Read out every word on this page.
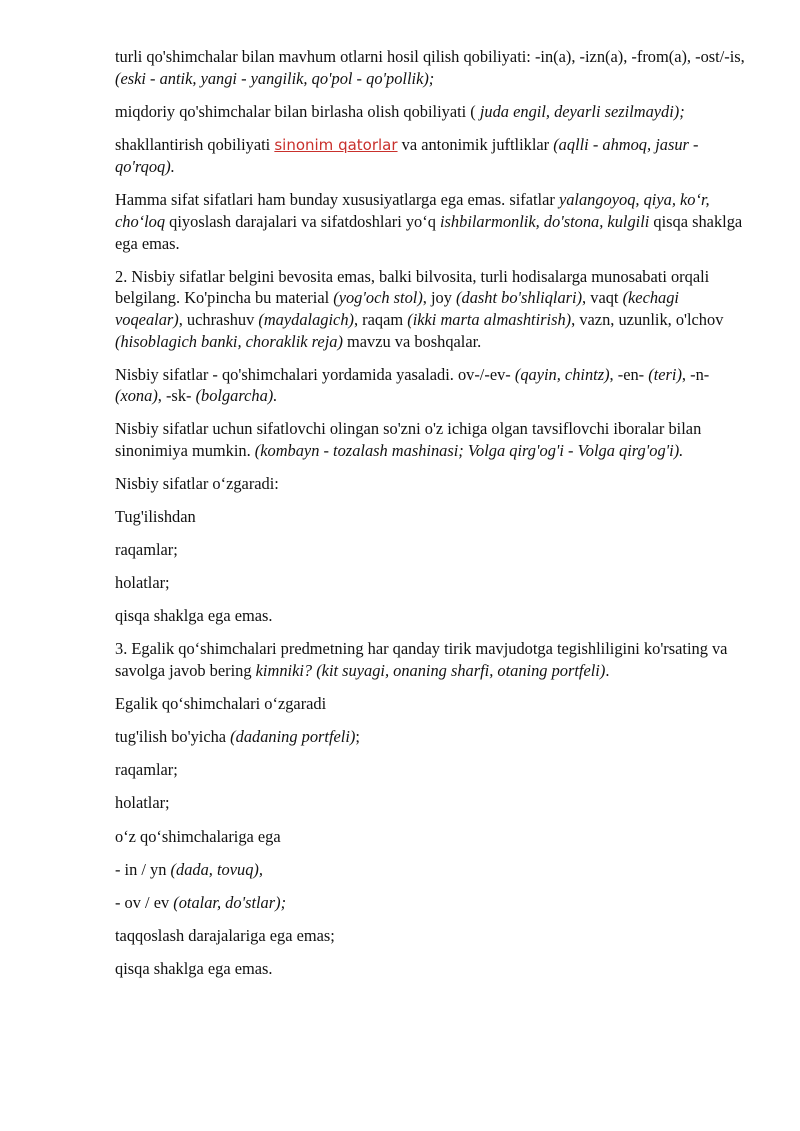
turli qo'shimchalar bilan mavhum otlarni hosil qilish qobiliyati: -in(a), -izn(a), -from(a), -ost/-is,(eski - antik, yangi - yangilik, qo'pol - qo'pollik);

miqdoriy qo'shimchalar bilan birlasha olish qobiliyati ( juda engil, deyarli sezilmaydi);

shakllantirish qobiliyati sinonim qatorlar va antonimik juftliklar (aqlli - ahmoq, jasur - qo'rqoq).

Hamma sifat sifatlari ham bunday xususiyatlarga ega emas. sifatlar yalangoyoq, qiya, ko‘r, cho‘loq qiyoslash darajalari va sifatdoshlari yo‘q ishbilarmonlik, do'stona, kulgili qisqa shaklga ega emas.

2. Nisbiy sifatlar belgini bevosita emas, balki bilvosita, turli hodisalarga munosabati orqali belgilang. Ko'pincha bu material (yog'och stol), joy (dasht bo'shliqlari), vaqt (kechagi voqealar), uchrashuv (maydalagich), raqam (ikki marta almashtirish), vazn, uzunlik, o'lchov (hisoblagich banki, choraklik reja) mavzu va boshqalar.

Nisbiy sifatlar - qo'shimchalari yordamida yasaladi. ov-/-ev- (qayin, chintz), -en- (teri), -n- (xona), -sk- (bolgarcha).

Nisbiy sifatlar uchun sifatlovchi olingan so'zni o'z ichiga olgan tavsiflovchi iboralar bilan sinonimiya mumkin. (kombayn - tozalash mashinasi; Volga qirg'og'i - Volga qirg'og'i).

Nisbiy sifatlar o‘zgaradi:

Tug'ilishdan

raqamlar;

holatlar;

qisqa shaklga ega emas.

3. Egalik qo‘shimchalari predmetning har qanday tirik mavjudotga tegishliligini ko'rsating va savolga javob bering kimniki? (kit suyagi, onaning sharfi, otaning portfeli).

Egalik qo‘shimchalari o‘zgaradi

tug'ilish bo'yicha (dadaning portfeli);

raqamlar;

holatlar;

o‘z qo‘shimchalariga ega

- in / yn (dada, tovuq),

- ov / ev (otalar, do'stlar);

taqqoslash darajalariga ega emas;

qisqa shaklga ega emas.
